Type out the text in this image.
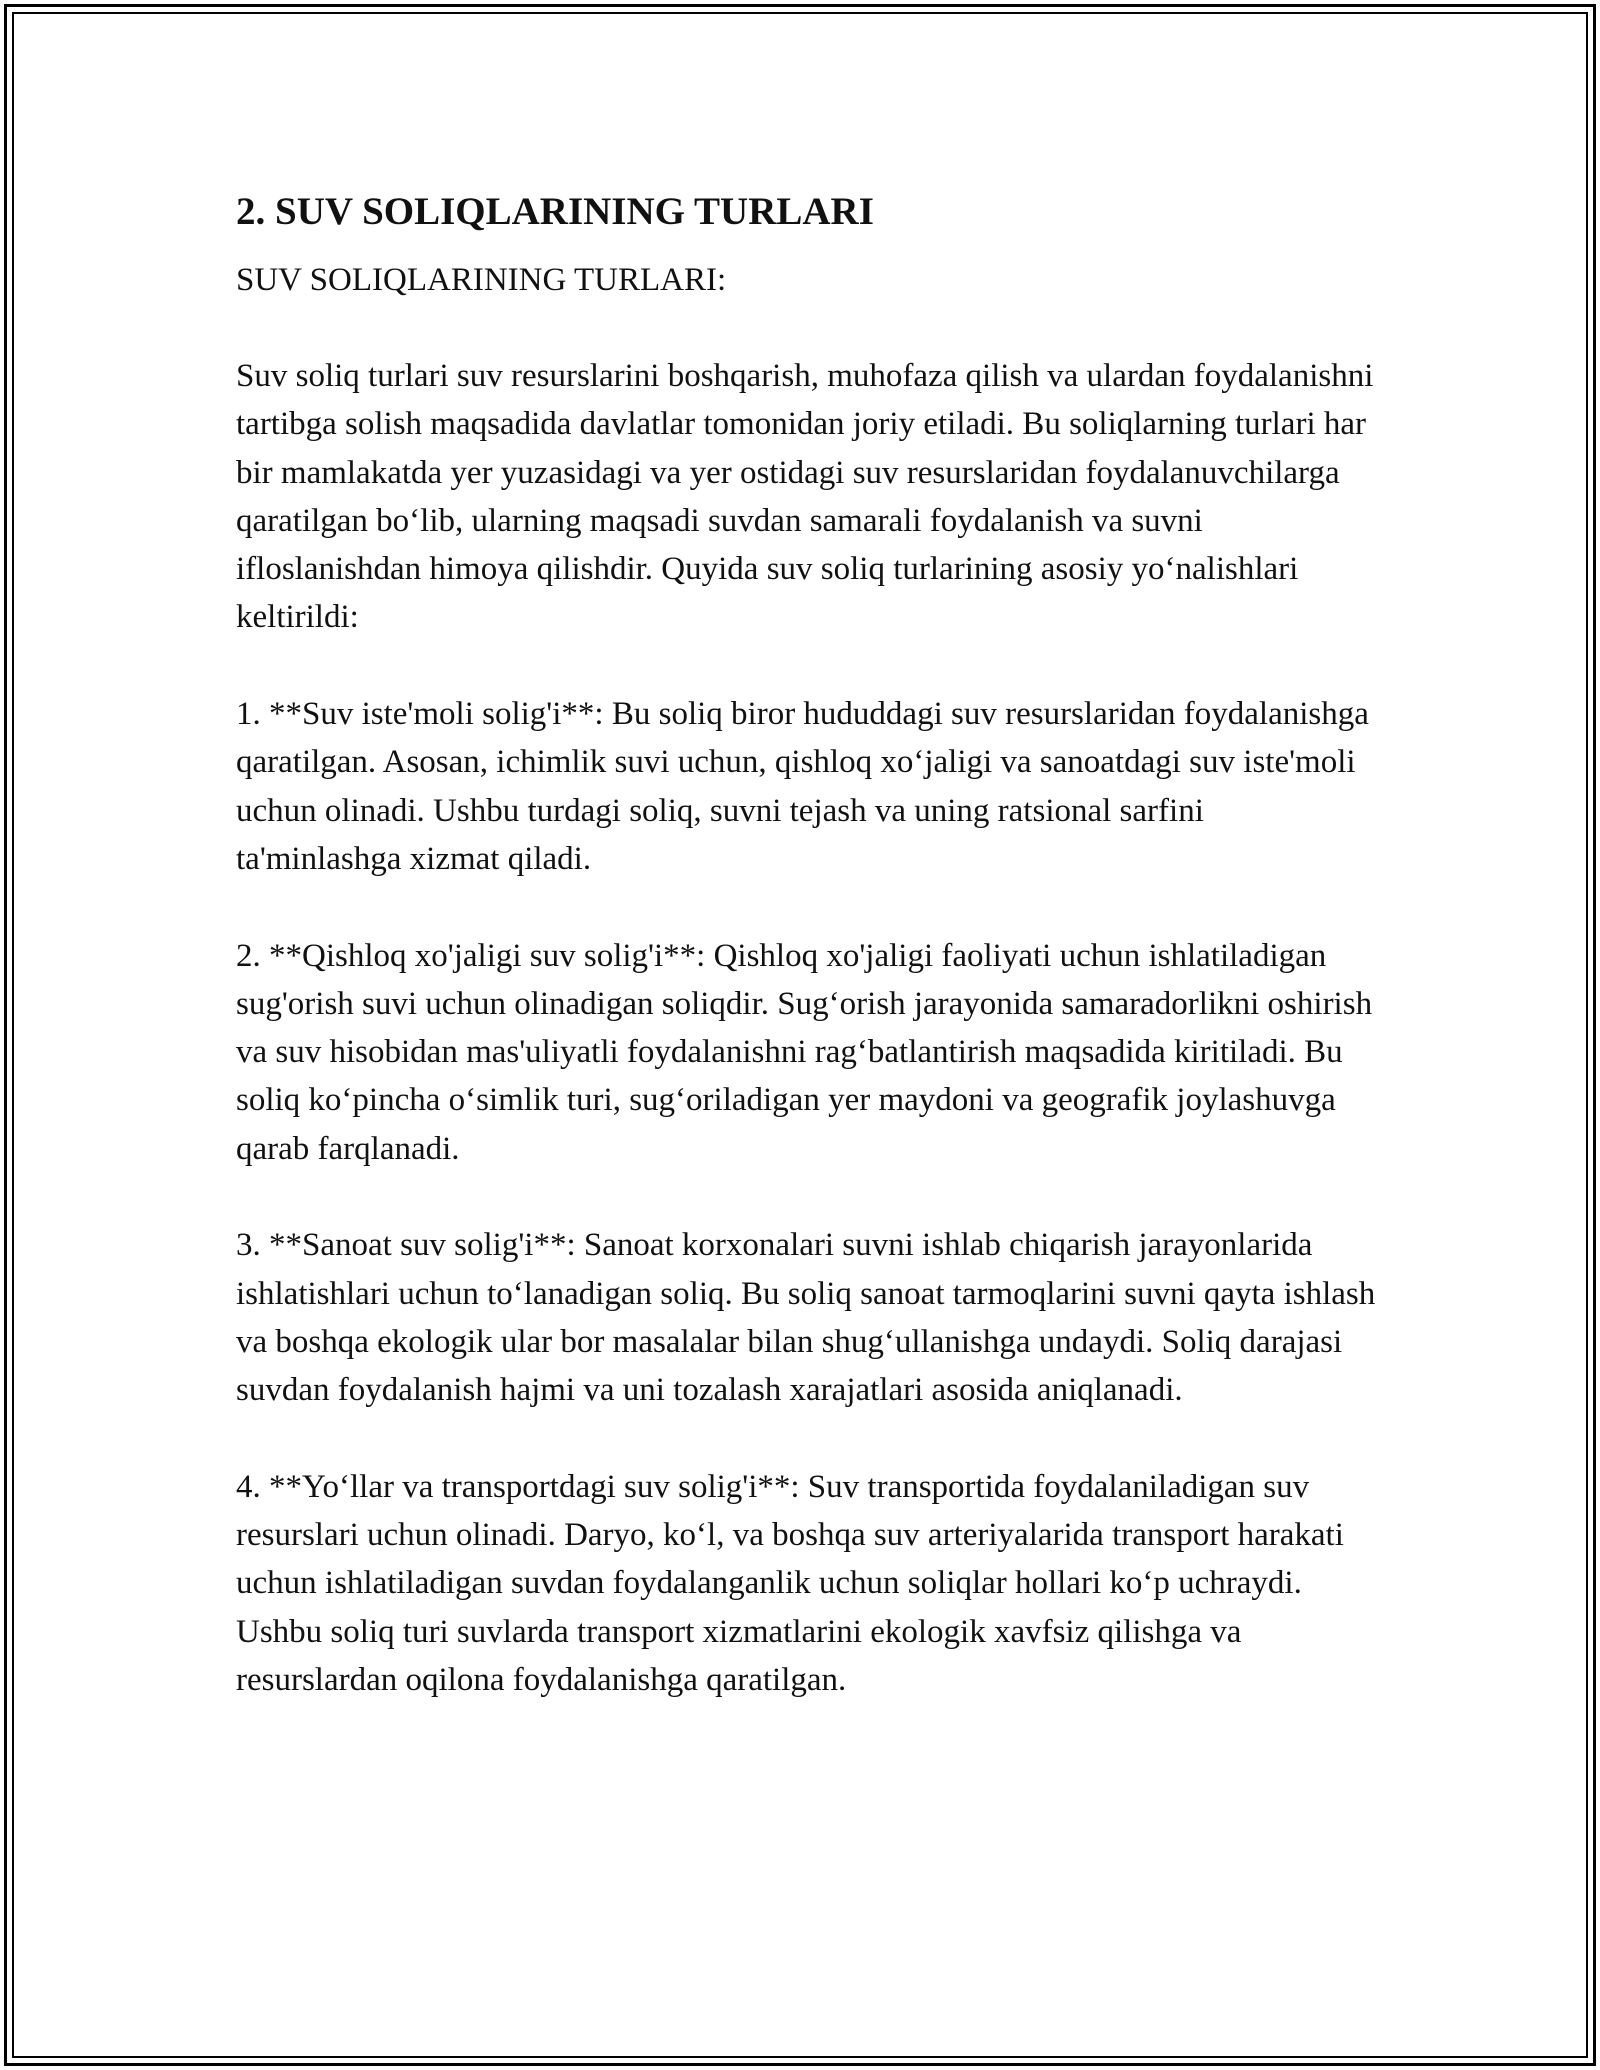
2. SUV SOLIQLARINING TURLARI
SUV SOLIQLARINING TURLARI:

Suv soliq turlari suv resurslarini boshqarish, muhofaza qilish va ulardan foydalanishni tartibga solish maqsadida davlatlar tomonidan joriy etiladi. Bu soliqlarning turlari har bir mamlakatda yer yuzasidagi va yer ostidagi suv resurslaridan foydalanuvchilarga qaratilgan bo‘lib, ularning maqsadi suvdan samarali foydalanish va suvni ifloslanishdan himoya qilishdir. Quyida suv soliq turlarining asosiy yo‘nalishlari keltirildi:

1. **Suv iste'moli solig'i**: Bu soliq biror hududdagi suv resurslaridan foydalanishga qaratilgan. Asosan, ichimlik suvi uchun, qishloq xo‘jaligi va sanoatdagi suv iste'moli uchun olinadi. Ushbu turdagi soliq, suvni tejash va uning ratsional sarfini ta'minlashga xizmat qiladi.

2. **Qishloq xo'jaligi suv solig'i**: Qishloq xo'jaligi faoliyati uchun ishlatiladigan sug'orish suvi uchun olinadigan soliqdir. Sug‘orish jarayonida samaradorlikni oshirish va suv hisobidan mas'uliyatli foydalanishni rag‘batlantirish maqsadida kiritiladi. Bu soliq ko‘pincha o‘simlik turi, sug‘oriladigan yer maydoni va geografik joylashuvga qarab farqlanadi.

3. **Sanoat suv solig'i**: Sanoat korxonalari suvni ishlab chiqarish jarayonlarida ishlatishlari uchun to‘lanadigan soliq. Bu soliq sanoat tarmoqlarini suvni qayta ishlash va boshqa ekologik ular bor masalalar bilan shug‘ullanishga undaydi. Soliq darajasi suvdan foydalanish hajmi va uni tozalash xarajatlari asosida aniqlanadi.

4. **Yo‘llar va transportdagi suv solig'i**: Suv transportida foydalaniladigan suv resurslari uchun olinadi. Daryo, ko‘l, va boshqa suv arteriyalarida transport harakati uchun ishlatiladigan suvdan foydalanganlik uchun soliqlar hollari ko‘p uchraydi. Ushbu soliq turi suvlarda transport xizmatlarini ekologik xavfsiz qilishga va resurslardan oqilona foydalanishga qaratilgan.
